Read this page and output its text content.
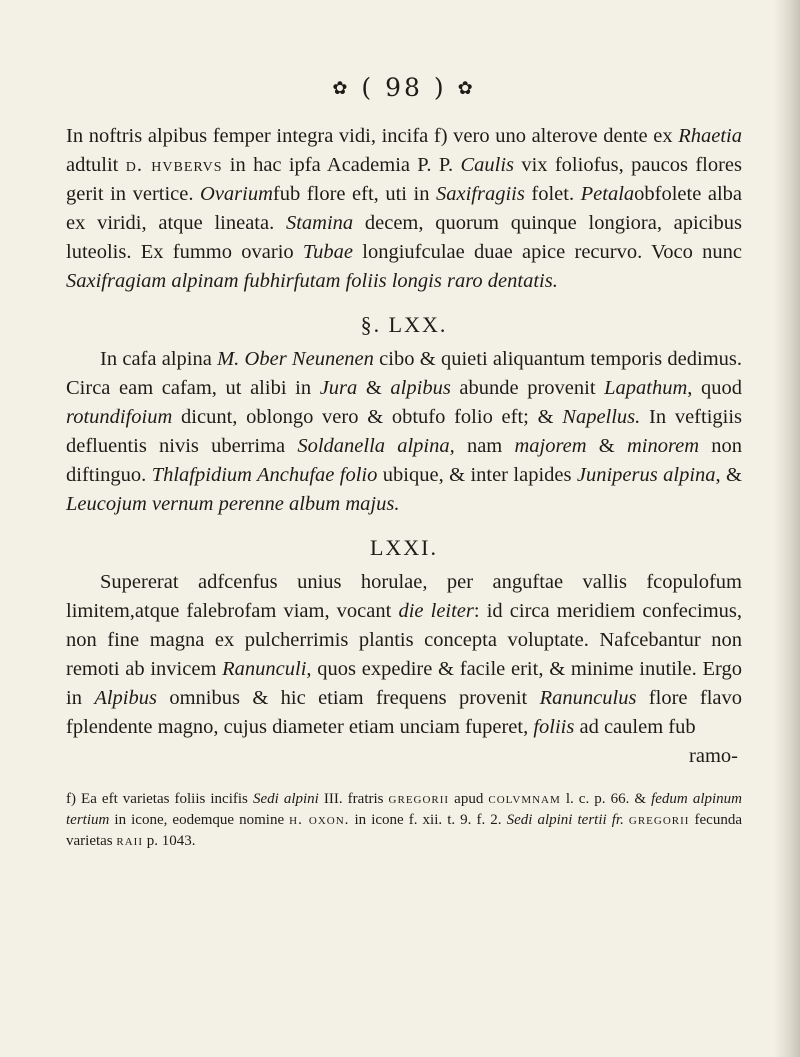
✿ ( 98 ) ✿

In noftris alpibus femper integra vidi, incifa f) vero uno alterove dente ex Rhaetia adtulit d. hvbervs in hac ipfa Academia P. P. Caulis vix foliofus, paucos flores gerit in vertice. Ovariumfub flore eft, uti in Saxifragiis folet. Petalaobfolete alba ex viridi, atque lineata. Stamina decem, quorum quinque longiora, apicibus luteolis. Ex fummo ovario Tubae longiufculae duae apice recurvo. Voco nunc Saxifragiam alpinam fubhirfutam foliis longis raro dentatis.

§. LXX.

In cafa alpina M. Ober Neunenen cibo & quieti aliquantum temporis dedimus. Circa eam cafam, ut alibi in Jura & alpibus abunde provenit Lapathum, quod rotundifoium dicunt, oblongo vero & obtufo folio eft; & Napellus. In veftigiis defluentis nivis uberrima Soldanella alpina, nam majorem & minorem non diftinguo. Thlafpidium Anchufae folio ubique, & inter lapides Juniperus alpina, & Leucojum vernum perenne album majus.

LXXI.

Supererat adfcenfus unius horulae, per anguftae vallis fcopulofum limitem,atque falebrofam viam, vocant die leiter: id circa meridiem confecimus, non fine magna ex pulcherrimis plantis concepta voluptate. Nafcebantur non remoti ab invicem Ranunculi, quos expedire & facile erit, & minime inutile. Ergo in Alpibus omnibus & hic etiam frequens provenit Ranunculus flore flavo fplendente magno, cujus diameter etiam unciam fuperet, foliis ad caulem fub

ramo-
f) Ea eft varietas foliis incifis Sedi alpini III. fratris gregorii apud colvmnam l. c. p. 66. & fedum alpinum tertium in icone, eodemque nomine h. oxon. in icone f. xii. t. 9. f. 2. Sedi alpini tertii fr. gregorii fecunda varietas raii p. 1043.
